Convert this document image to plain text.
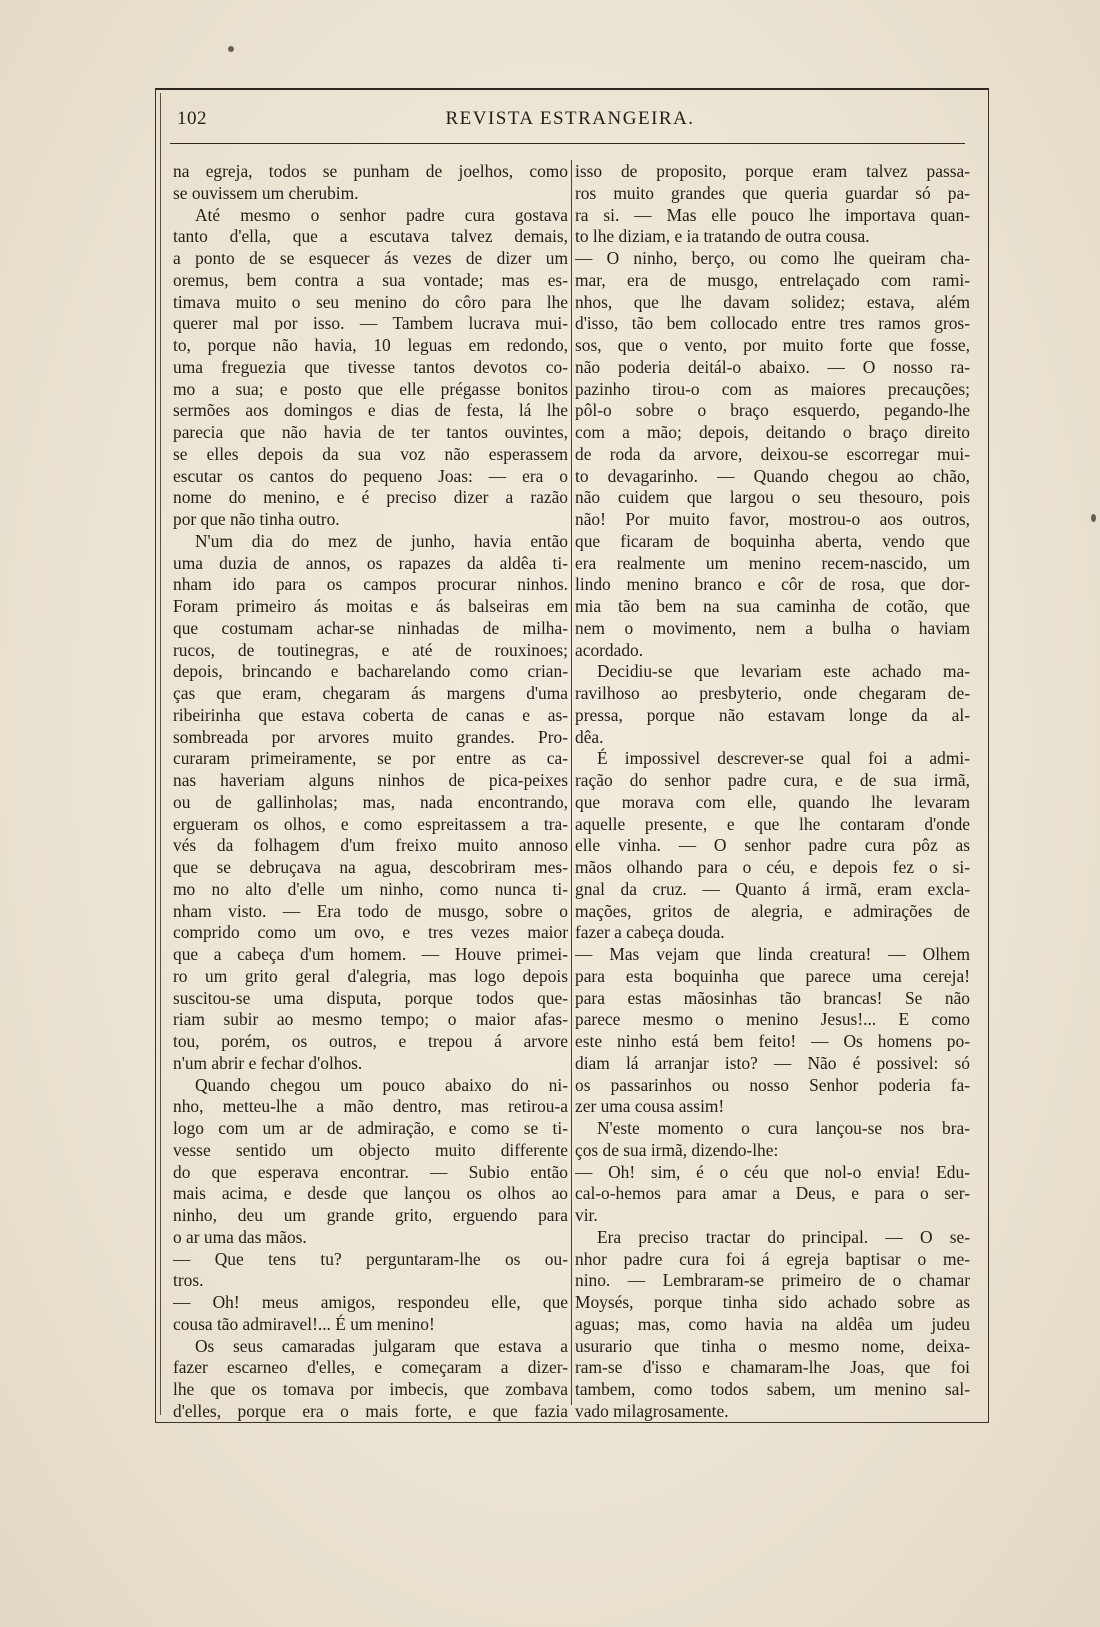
102	REVISTA ESTRANGEIRA.
na egreja, todos se punham de joelhos, como
se ouvissem um cherubim.
Até mesmo o senhor padre cura gostava
tanto d'ella, que a escutava talvez demais,
a ponto de se esquecer ás vezes de dizer um
oremus, bem contra a sua vontade; mas es-
timava muito o seu menino do côro para lhe
querer mal por isso. — Tambem lucrava mui-
to, porque não havia, 10 leguas em redondo,
uma freguezia que tivesse tantos devotos co-
mo a sua; e posto que elle prégasse bonitos
sermões aos domingos e dias de festa, lá lhe
parecia que não havia de ter tantos ouvintes,
se elles depois da sua voz não esperassem
escutar os cantos do pequeno Joas: — era o
nome do menino, e é preciso dizer a razão
por que não tinha outro.
N'um dia do mez de junho, havia então
uma duzia de annos, os rapazes da aldêa ti-
nham ido para os campos procurar ninhos.
Foram primeiro ás moitas e ás balseiras em
que costumam achar-se ninhadas de milha-
rucos, de toutinegras, e até de rouxinoes;
depois, brincando e bacharelando como crian-
ças que eram, chegaram ás margens d'uma
ribeirinha que estava coberta de canas e as-
sombreada por arvores muito grandes. Pro-
curaram primeiramente, se por entre as ca-
nas haveriam alguns ninhos de pica-peixes
ou de gallinholas; mas, nada encontrando,
ergueram os olhos, e como espreitassem a tra-
vés da folhagem d'um freixo muito annoso
que se debruçava na agua, descobriram mes-
mo no alto d'elle um ninho, como nunca ti-
nham visto. — Era todo de musgo, sobre o
comprido como um ovo, e tres vezes maior
que a cabeça d'um homem. — Houve primei-
ro um grito geral d'alegria, mas logo depois
suscitou-se uma disputa, porque todos que-
riam subir ao mesmo tempo; o maior afas-
tou, porém, os outros, e trepou á arvore
n'um abrir e fechar d'olhos.
Quando chegou um pouco abaixo do ni-
nho, metteu-lhe a mão dentro, mas retirou-a
logo com um ar de admiração, e como se ti-
vesse sentido um objecto muito differente
do que esperava encontrar. — Subio então
mais acima, e desde que lançou os olhos ao
ninho, deu um grande grito, erguendo para
o ar uma das mãos.
— Que tens tu? perguntaram-lhe os ou-
tros.
— Oh! meus amigos, respondeu elle, que
cousa tão admiravel!... É um menino!
Os seus camaradas julgaram que estava a
fazer escarneo d'elles, e começaram a dizer-
lhe que os tomava por imbecis, que zombava
d'elles, porque era o mais forte, e que fazia
isso de proposito, porque eram talvez passa-
ros muito grandes que queria guardar só pa-
ra si. — Mas elle pouco lhe importava quan-
to lhe diziam, e ia tratando de outra cousa.
— O ninho, berço, ou como lhe queiram cha-
mar, era de musgo, entrelaçado com rami-
nhos, que lhe davam solidez; estava, além
d'isso, tão bem collocado entre tres ramos gros-
sos, que o vento, por muito forte que fosse,
não poderia deitál-o abaixo. — O nosso ra-
pazinho tirou-o com as maiores precauções;
pôl-o sobre o braço esquerdo, pegando-lhe
com a mão; depois, deitando o braço direito
de roda da arvore, deixou-se escorregar mui-
to devagarinho. — Quando chegou ao chão,
não cuidem que largou o seu thesouro, pois
não! Por muito favor, mostrou-o aos outros,
que ficaram de boquinha aberta, vendo que
era realmente um menino recem-nascido, um
lindo menino branco e côr de rosa, que dor-
mia tão bem na sua caminha de cotão, que
nem o movimento, nem a bulha o haviam
acordado.
Decidiu-se que levariam este achado ma-
ravilhoso ao presbyterio, onde chegaram de-
pressa, porque não estavam longe da al-
dêa.
É impossivel descrever-se qual foi a admi-
ração do senhor padre cura, e de sua irmã,
que morava com elle, quando lhe levaram
aquelle presente, e que lhe contaram d'onde
elle vinha. — O senhor padre cura pôz as
mãos olhando para o céu, e depois fez o si-
gnal da cruz. — Quanto á irmã, eram excla-
mações, gritos de alegria, e admirações de
fazer a cabeça douda.
— Mas vejam que linda creatura! — Olhem
para esta boquinha que parece uma cereja!
para estas mãosinhas tão brancas! Se não
parece mesmo o menino Jesus!... E como
este ninho está bem feito! — Os homens po-
diam lá arranjar isto? — Não é possivel: só
os passarinhos ou nosso Senhor poderia fa-
zer uma cousa assim!
N'este momento o cura lançou-se nos bra-
ços de sua irmã, dizendo-lhe:
— Oh! sim, é o céu que nol-o envia! Edu-
cal-o-hemos para amar a Deus, e para o ser-
vir.
Era preciso tractar do principal. — O se-
nhor padre cura foi á egreja baptisar o me-
nino. — Lembraram-se primeiro de o chamar
Moysés, porque tinha sido achado sobre as
aguas; mas, como havia na aldêa um judeu
usurario que tinha o mesmo nome, deixa-
ram-se d'isso e chamaram-lhe Joas, que foi
tambem, como todos sabem, um menino sal-
vado milagrosamente.
